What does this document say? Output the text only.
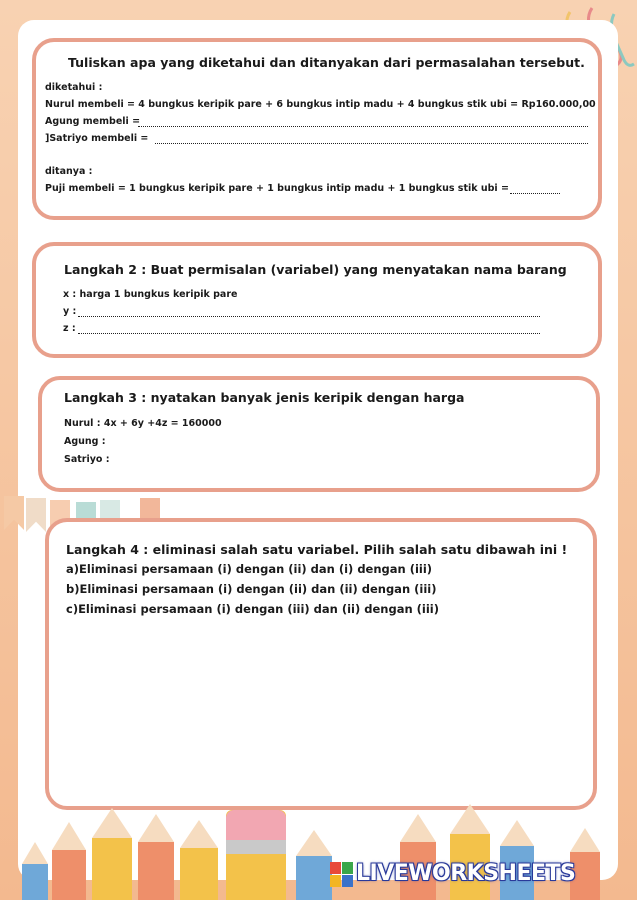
Tuliskan apa yang diketahui dan ditanyakan dari permasalahan tersebut.
diketahui :
Nurul membeli = 4 bungkus keripik pare + 6 bungkus intip madu + 4 bungkus stik ubi = Rp160.000,00
Agung membeli =
]Satriyo membeli =
ditanya :
Puji membeli = 1 bungkus keripik pare + 1 bungkus intip madu + 1 bungkus stik ubi =
Langkah 2 : Buat permisalan (variabel) yang menyatakan nama barang
x : harga 1 bungkus keripik pare
y :
z :
Langkah 3 : nyatakan banyak jenis keripik dengan harga
Nurul : 4x + 6y +4z = 160000
Agung :
Satriyo :
Langkah 4 : eliminasi salah satu variabel. Pilih salah satu dibawah ini !
a)Eliminasi persamaan (i) dengan (ii) dan (i) dengan (iii)
b)Eliminasi persamaan (i) dengan (ii) dan (ii) dengan (iii)
c)Eliminasi persamaan (i) dengan (iii) dan (ii) dengan (iii)
LIVEWORKSHEETS
